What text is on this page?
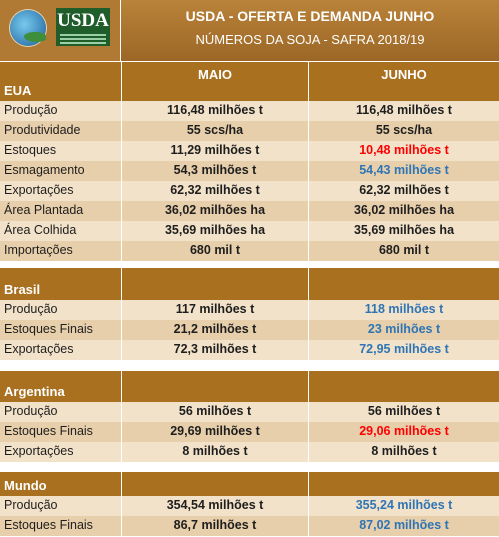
USDA	USDA - OFERTA E DEMANDA JUNHO
NÚMEROS DA SOJA - SAFRA 2018/19
EUA
MAIO	JUNHO
Produção	116,48 milhões t	116,48 milhões t
Produtividade	55 scs/ha	55 scs/ha
Estoques	11,29 milhões t	10,48 milhões t
Esmagamento	54,3 milhões t	54,43 milhões t
Exportações	62,32 milhões t	62,32 milhões t
Área Plantada	36,02 milhões ha	36,02 milhões ha
Área Colhida	35,69 milhões ha	35,69 milhões ha
Importações	680 mil t	680 mil t
Brasil
Produção	117 milhões t	118 milhões t
Estoques Finais	21,2 milhões t	23 milhões t
Exportações	72,3 milhões t	72,95 milhões t
Argentina
Produção	56 milhões t	56 milhões t
Estoques Finais	29,69 milhões t	29,06 milhões t
Exportações	8 milhões t	8 milhões t
Mundo
Produção	354,54 milhões t	355,24 milhões t
Estoques Finais	86,7 milhões t	87,02 milhões t
